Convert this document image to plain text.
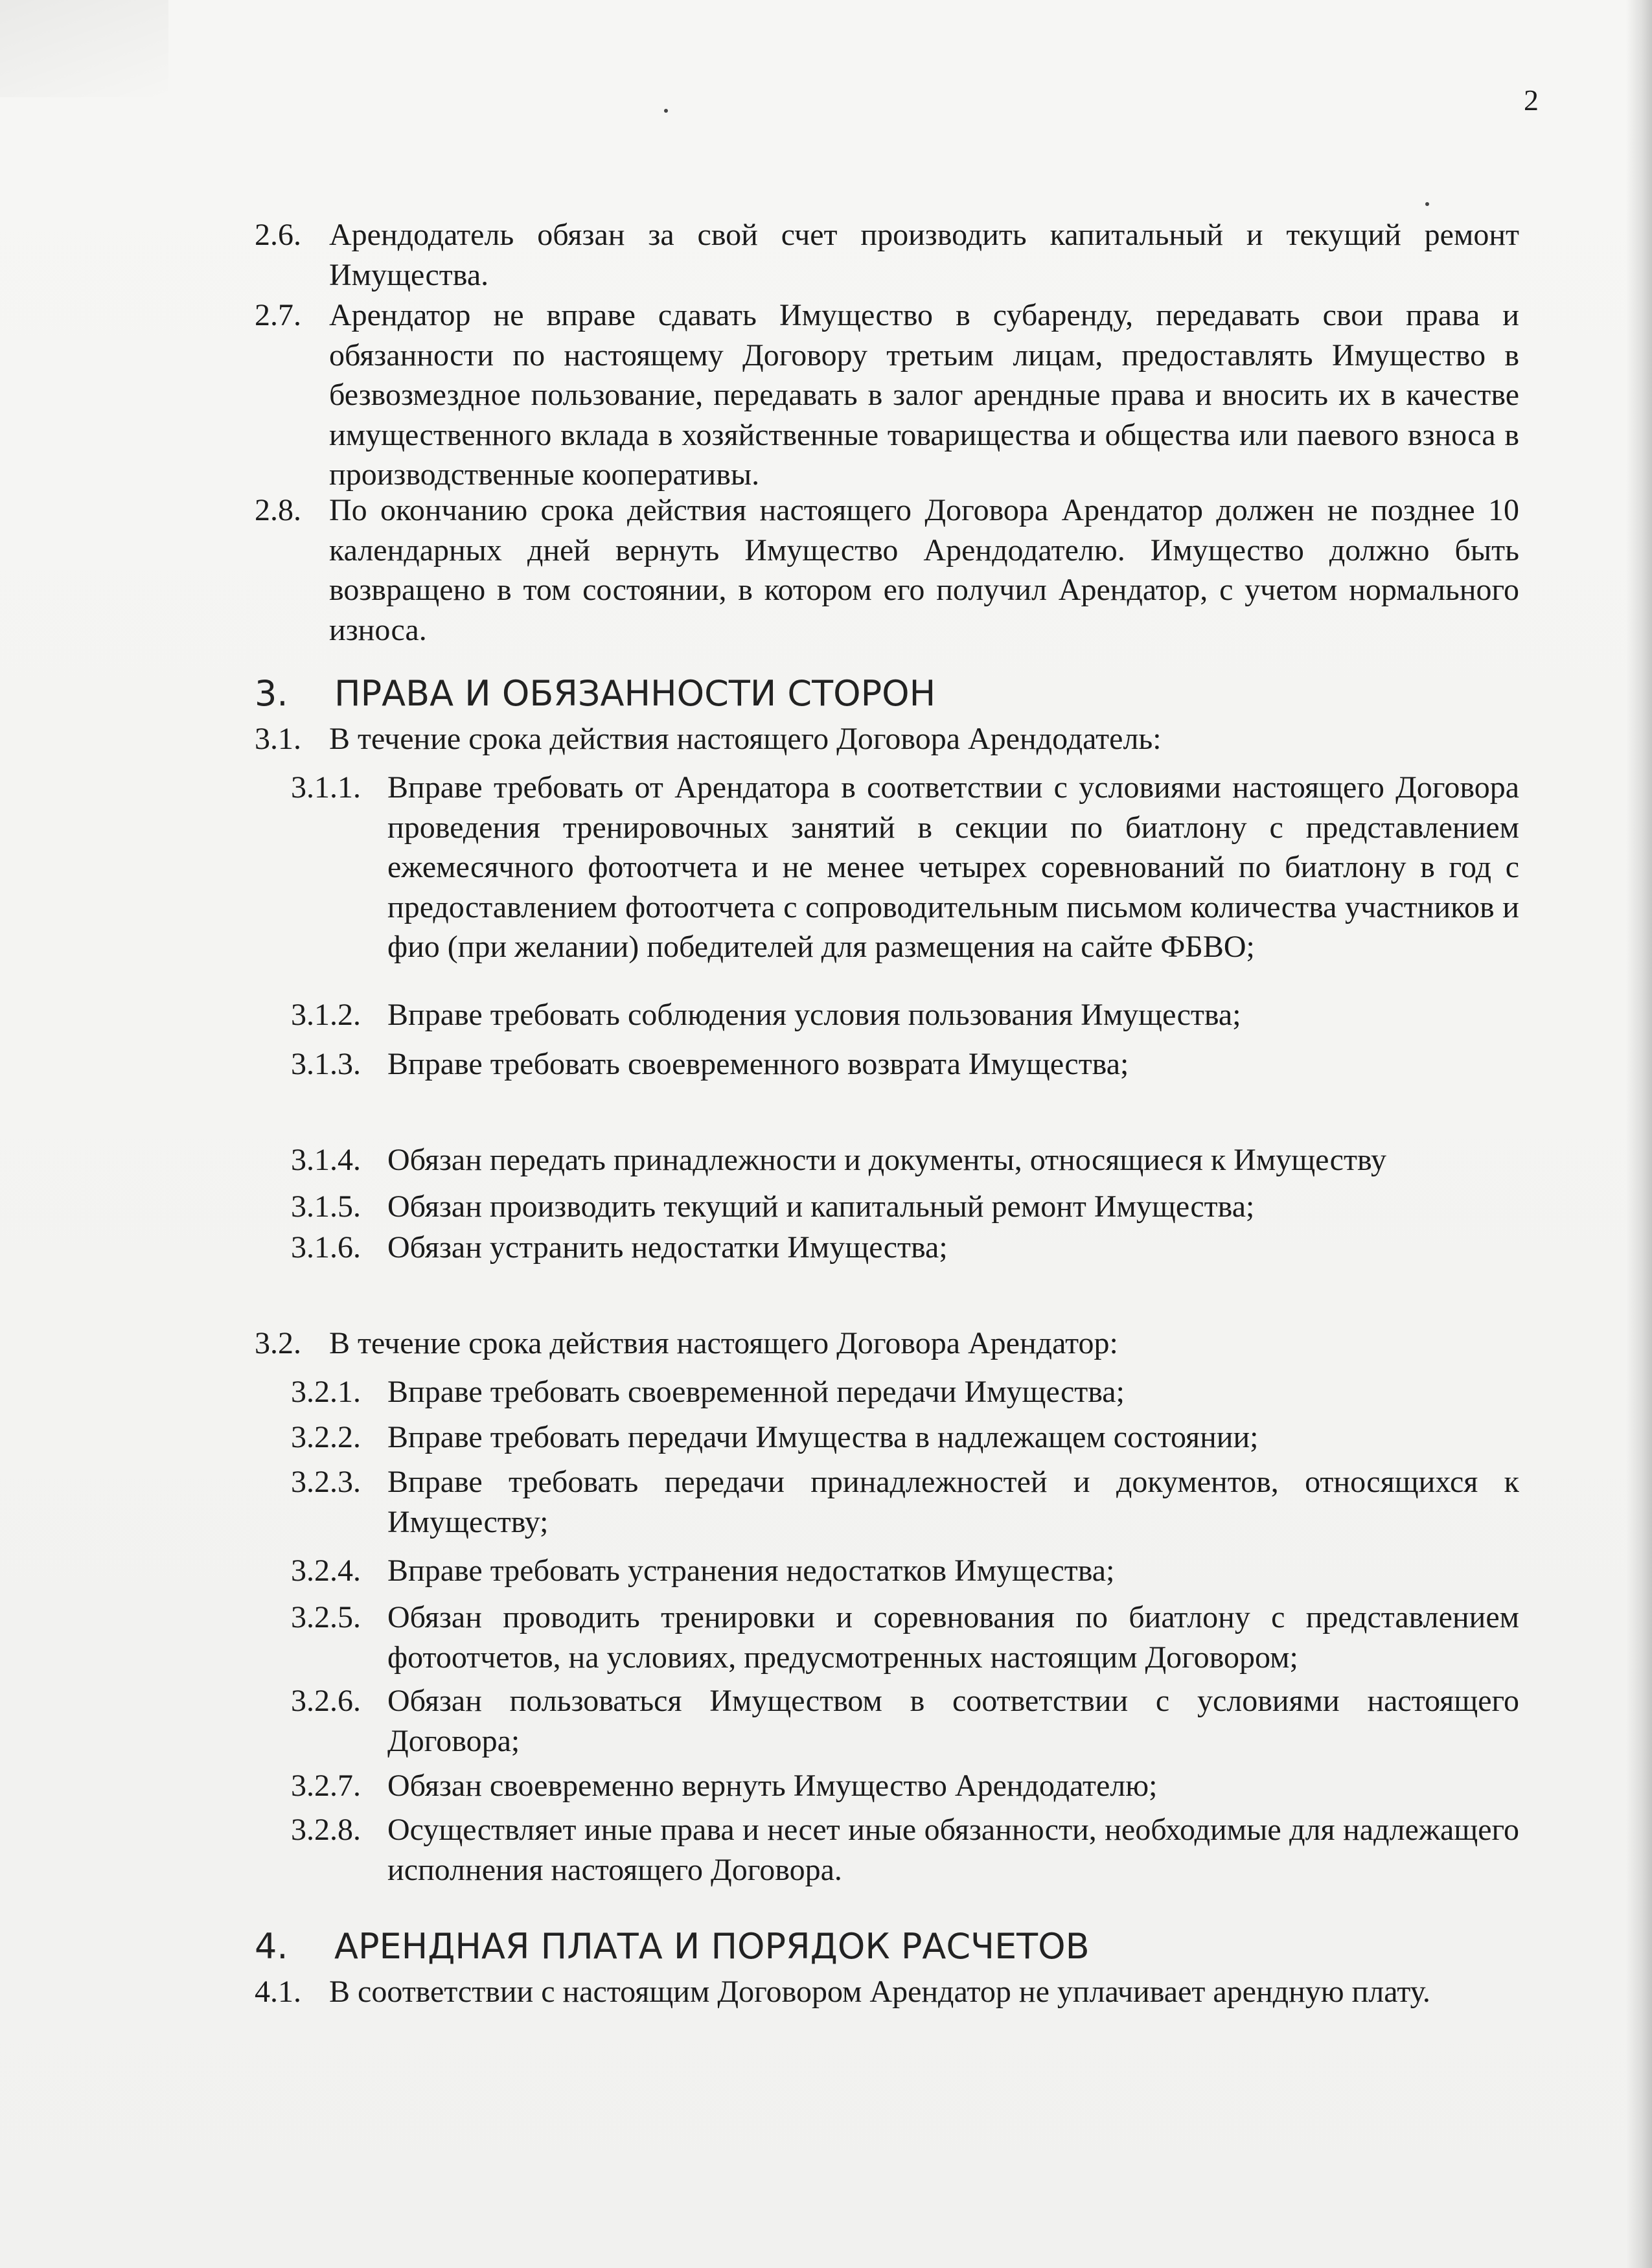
2
2.6. Арендодатель обязан за свой счет производить капитальный и текущий ремонт Имущества.
2.7. Арендатор не вправе сдавать Имущество в субаренду, передавать свои права и обязанности по настоящему Договору третьим лицам, предоставлять Имущество в безвозмездное пользование, передавать в залог арендные права и вносить их в качестве имущественного вклада в хозяйственные товарищества и общества или паевого взноса в производственные кооперативы.
2.8. По окончанию срока действия настоящего Договора Арендатор должен не позднее 10 календарных дней вернуть Имущество Арендодателю. Имущество должно быть возвращено в том состоянии, в котором его получил Арендатор, с учетом нормального износа.
3. ПРАВА И ОБЯЗАННОСТИ СТОРОН
3.1. В течение срока действия настоящего Договора Арендодатель:
3.1.1. Вправе требовать от Арендатора в соответствии с условиями настоящего Договора проведения тренировочных занятий в секции по биатлону с представлением ежемесячного фотоотчета и не менее четырех соревнований по биатлону в год с предоставлением фотоотчета с сопроводительным письмом количества участников и фио (при желании) победителей для размещения на сайте ФБВО;
3.1.2. Вправе требовать соблюдения условия пользования Имущества;
3.1.3. Вправе требовать своевременного возврата Имущества;
3.1.4. Обязан передать принадлежности и документы, относящиеся к Имуществу
3.1.5. Обязан производить текущий и капитальный ремонт Имущества;
3.1.6. Обязан устранить недостатки Имущества;
3.2. В течение срока действия настоящего Договора Арендатор:
3.2.1. Вправе требовать своевременной передачи Имущества;
3.2.2. Вправе требовать передачи Имущества в надлежащем состоянии;
3.2.3. Вправе требовать передачи принадлежностей и документов, относящихся к Имуществу;
3.2.4. Вправе требовать устранения недостатков Имущества;
3.2.5. Обязан проводить тренировки и соревнования по биатлону с представлением фотоотчетов, на условиях, предусмотренных настоящим Договором;
3.2.6. Обязан пользоваться Имуществом в соответствии с условиями настоящего Договора;
3.2.7. Обязан своевременно вернуть Имущество Арендодателю;
3.2.8. Осуществляет иные права и несет иные обязанности, необходимые для надлежащего исполнения настоящего Договора.
4. АРЕНДНАЯ ПЛАТА И ПОРЯДОК РАСЧЕТОВ
4.1. В соответствии с настоящим Договором Арендатор не уплачивает арендную плату.
